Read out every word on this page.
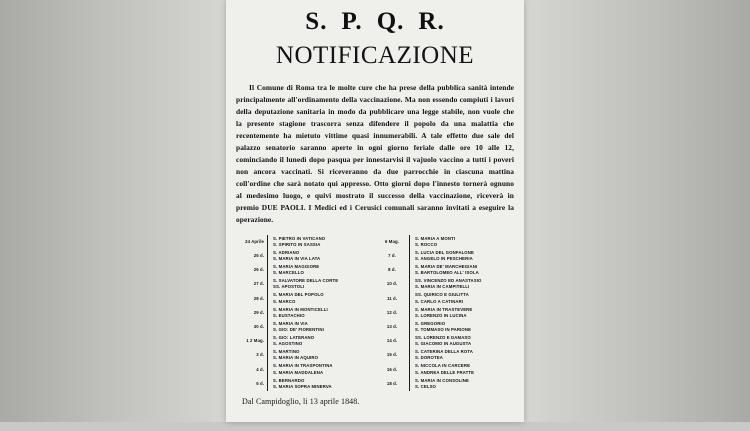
S. P. Q. R.
NOTIFICAZIONE
Il Comune di Roma tra le molte cure che ha prese della pubblica sanità intende principalmente all'ordinamento della vaccinazione. Ma non essendo compiuti i lavori della deputazione sanitaria in modo da pubblicare una legge stabile, non vuole che la presente stagione trascorra senza difendere il popolo da una malattia che recentemente ha mietuto vittime quasi innumerabili. A tale effetto due sale del palazzo senatorio saranno aperte in ogni giorno feriale dalle ore 10 alle 12, cominciando il lunedì dopo pasqua per innestarvisi il vajuolo vaccino a tutti i poveri non ancora vaccinati. Si riceveranno da due parrocchie in ciascuna mattina coll'ordine che sarà notato qui appresso. Otto giorni dopo l'innesto tornerà ognuno al medesimo luogo, e quivi mostrato il successo della vaccinazione, riceverà in premio DUE PAOLI. I Medici ed i Cerusici comunali saranno invitati a eseguire la operazione.
24 Aprile
25 d.
26 d.
27 d.
28 d.
29 d.
30 d.
1 2 Mag.
3 d.
4 d.
5 d.
S. PIETRO IN VATICANO
S. SPIRITO IN SASSIA
S. ADRIANO
S. MARIA IN VIA LATA
S. MARIA MAGGIORE
S. MARCELLO
S. SALVATORE DELLA CORTE
SS. APOSTOLI
S. MARIA DEL POPOLO
S. MARCO
S. MARIA IN MONTICELLI
S. EUSTACHIO
S. MARIA IN VIA
S. GIO: DE' FIORENTINI
S. GIO: LATERANO
S. AGOSTINO
S. MARTINO
S. MARIA IN AQUIRO
S. MARIA IN TRASPONTINA
S. MARIA MADDALENA
S. BERNARDO
S. MARIA SOPRA MINERVA
6 Mag.
7 d.
8 d.
10 d.
11 d.
12 d.
13 d.
14 d.
15 d.
16 d.
18 d.
S. MARIA A MONTI
S. ROCCO
S. LUCIA DEL GONFALONE
S. ANGELO IN PESCHERIA
S. MARIA DE' MARCHEGIANI
S. BARTOLOMEO ALL' ISOLA
SS. VINCENZO ED ANASTASIO
S. MARIA IN CAMPITELLI
SS. QUIRICO E GIULITTA
S. CARLO A CATINARI
S. MARIA IN TRASTEVERE
S. LORENZO IN LUCINA
S. GREGORIO
S. TOMMASO IN PARIONE
SS. LORENZO E DAMASO
S. GIACOMO IN AUGUSTA
S. CATERINA DELLA ROTA
S. DOROTEA
S. NICCOLA IN CARCERE
S. ANDREA DELLE FRATTE
S. MARIA IN CONSOLINE
S. CELSO
Dal Campidoglio, li 13 aprile 1848.
